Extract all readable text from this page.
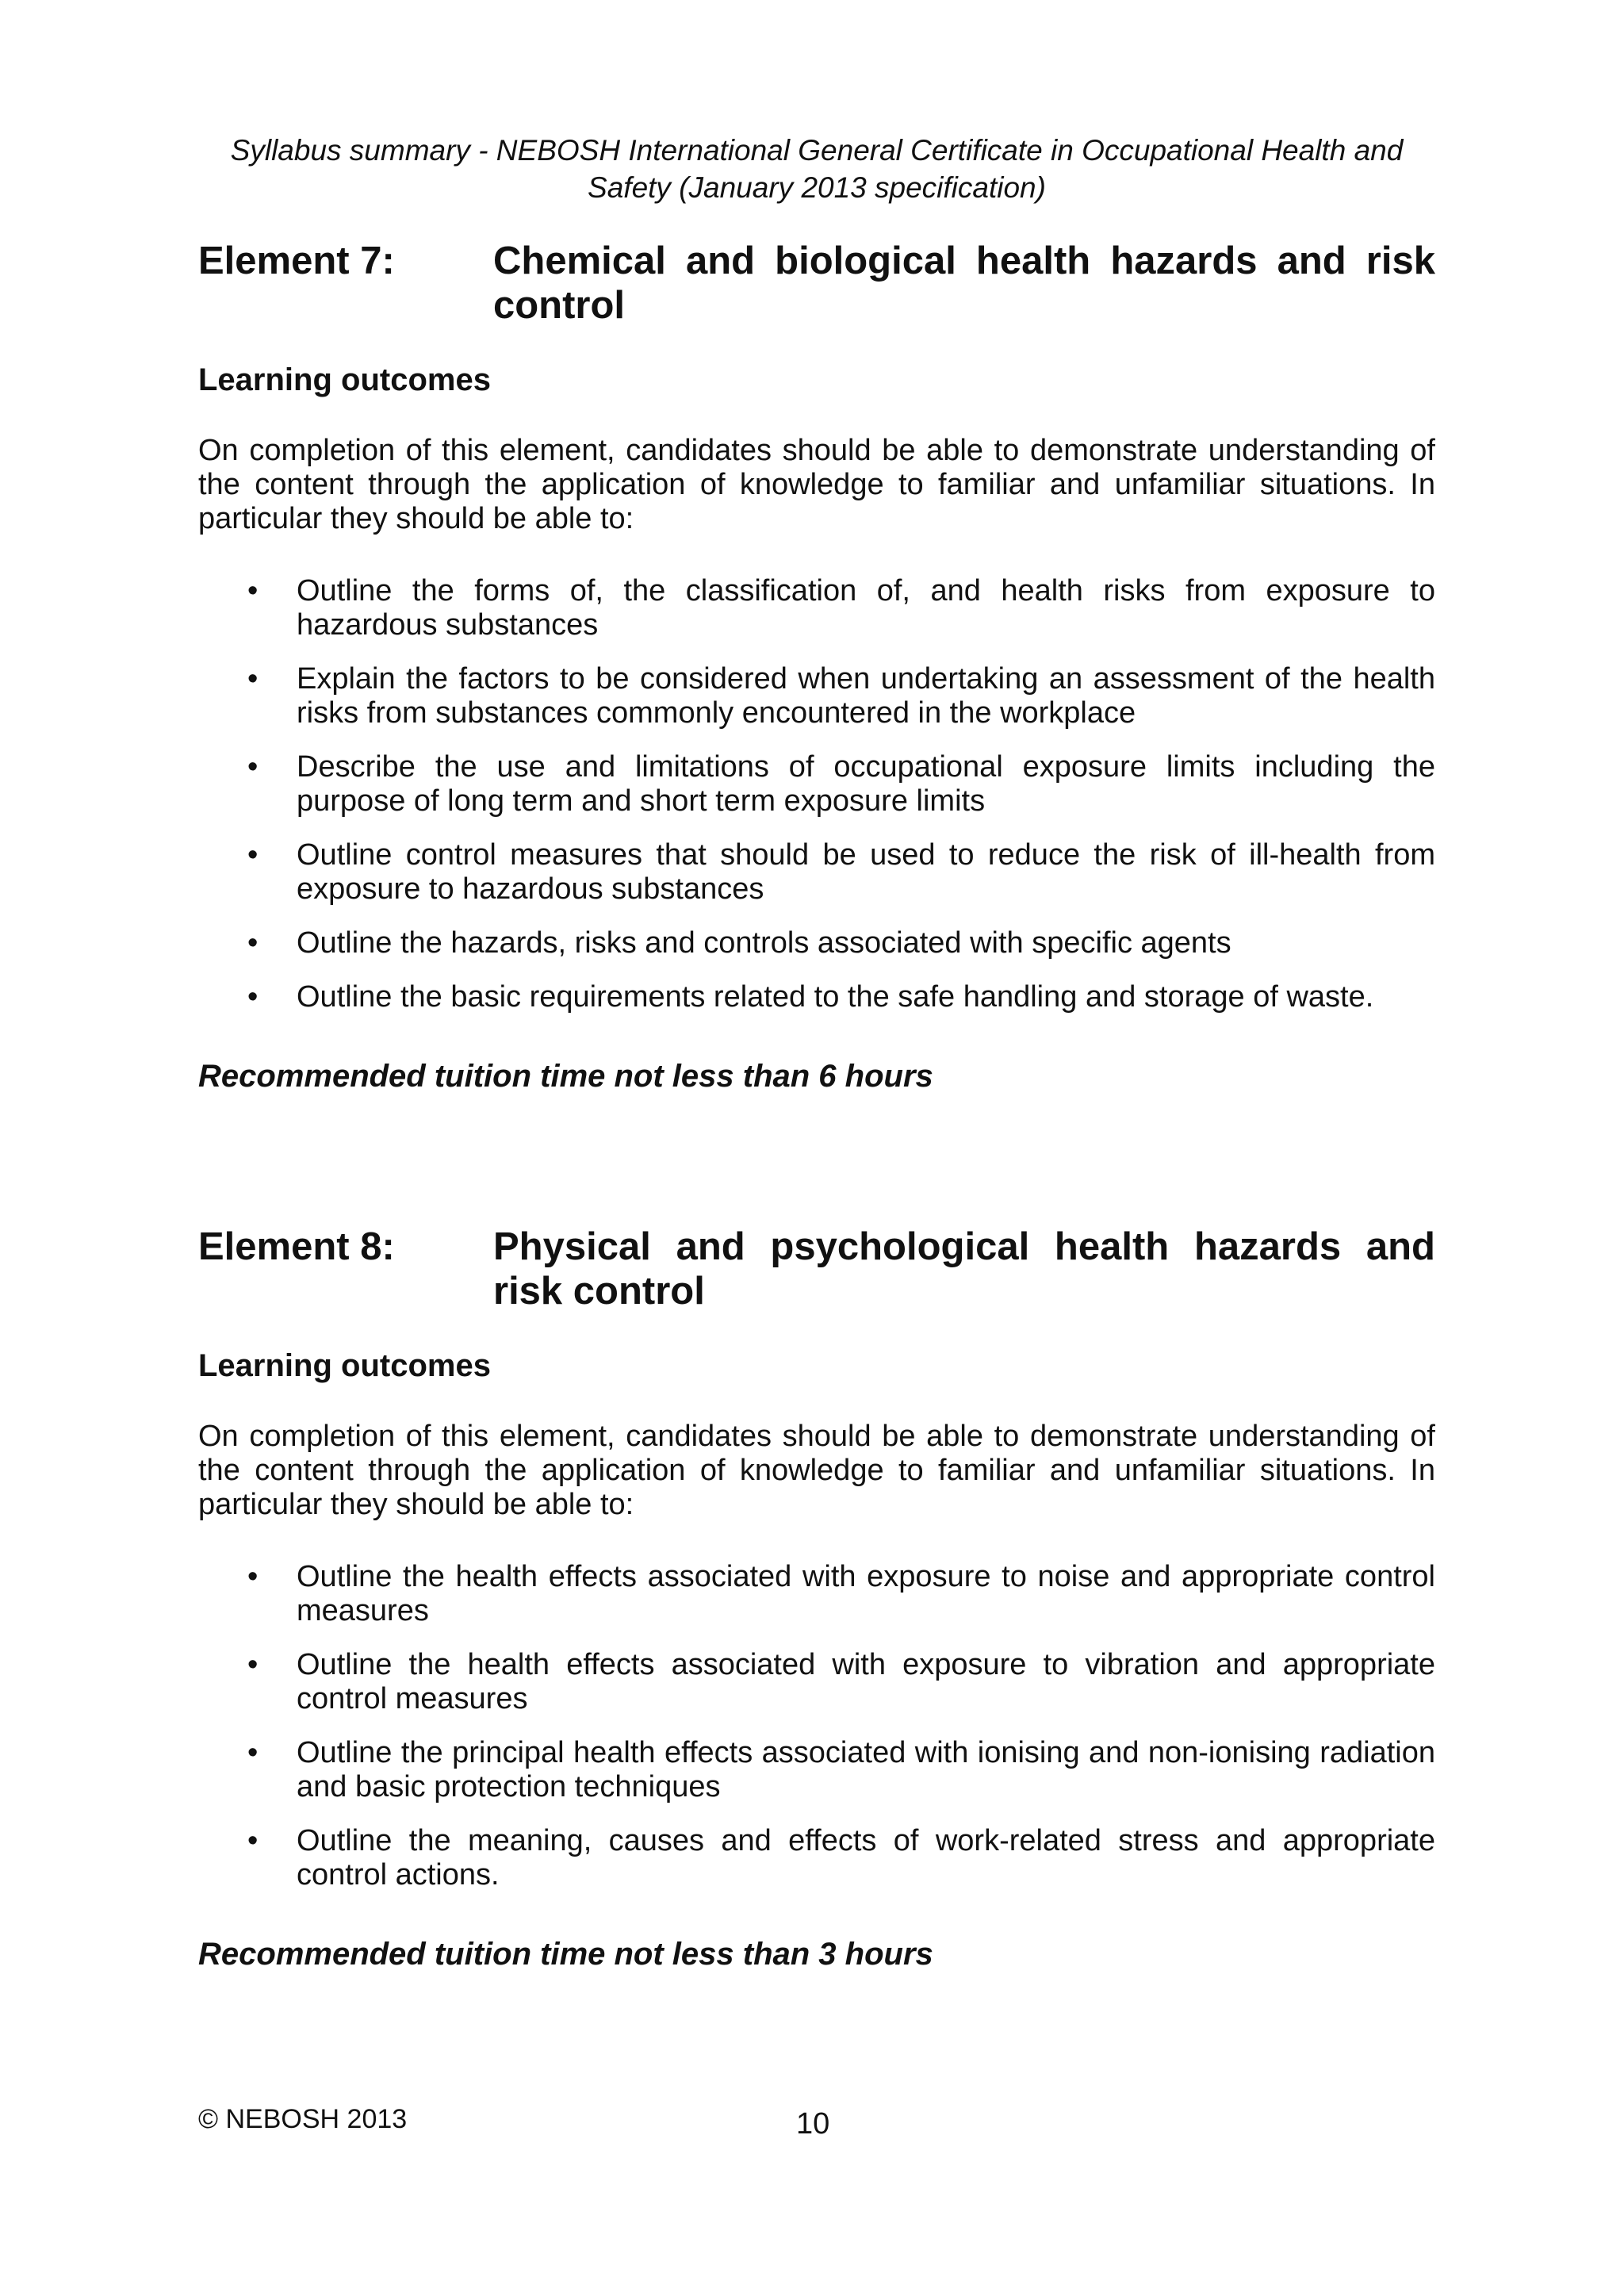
Syllabus summary - NEBOSH International General Certificate in Occupational Health and
Safety (January 2013 specification)
Element 7:	Chemical and biological health hazards and risk control
Learning outcomes

On completion of this element, candidates should be able to demonstrate understanding of the content through the application of knowledge to familiar and unfamiliar situations. In particular they should be able to:

• Outline the forms of, the classification of, and health risks from exposure to hazardous substances
• Explain the factors to be considered when undertaking an assessment of the health risks from substances commonly encountered in the workplace
• Describe the use and limitations of occupational exposure limits including the purpose of long term and short term exposure limits
• Outline control measures that should be used to reduce the risk of ill-health from exposure to hazardous substances
• Outline the hazards, risks and controls associated with specific agents
• Outline the basic requirements related to the safe handling and storage of waste.
Recommended tuition time not less than 6 hours
Element 8:	Physical and psychological health hazards and risk control
Learning outcomes

On completion of this element, candidates should be able to demonstrate understanding of the content through the application of knowledge to familiar and unfamiliar situations. In particular they should be able to:

• Outline the health effects associated with exposure to noise and appropriate control measures
• Outline the health effects associated with exposure to vibration and appropriate control measures
• Outline the principal health effects associated with ionising and non-ionising radiation and basic protection techniques
• Outline the meaning, causes and effects of work-related stress and appropriate control actions.
Recommended tuition time not less than 3 hours
© NEBOSH 2013	10
